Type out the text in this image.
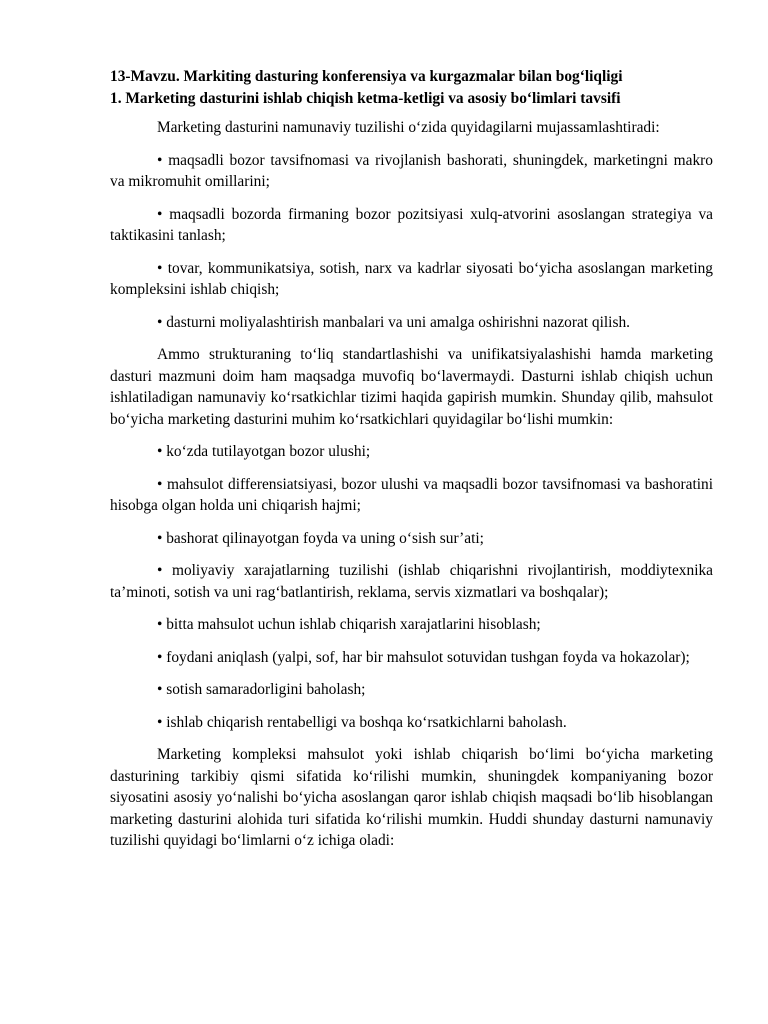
13-Mavzu. Markiting dasturing konferensiya va kurgazmalar bilan bog‘liqligi

1. Marketing dasturini ishlab chiqish ketma-ketligi va asosiy bo‘limlari tavsifi

Marketing dasturini namunaviy tuzilishi o‘zida quyidagilarni mujassamlashtiradi:

• maqsadli bozor tavsifnomasi va rivojlanish bashorati, shuningdek, marketingni makro va mikromuhit omillarini;

• maqsadli bozorda firmaning bozor pozitsiyasi xulq-atvorini asoslangan strategiya va taktikasini tanlash;

• tovar, kommunikatsiya, sotish, narx va kadrlar siyosati bo‘yicha asoslangan marketing kompleksini ishlab chiqish;

• dasturni moliyalashtirish manbalari va uni amalga oshirishni nazorat qilish.

Ammo strukturaning to‘liq standartlashishi va unifikatsiyalashishi hamda marketing dasturi mazmuni doim ham maqsadga muvofiq bo‘lavermaydi. Dasturni ishlab chiqish uchun ishlatiladigan namunaviy ko‘rsatkichlar tizimi haqida gapirish mumkin. Shunday qilib, mahsulot bo‘yicha marketing dasturini muhim ko‘rsatkichlari quyidagilar bo‘lishi mumkin:

• ko‘zda tutilayotgan bozor ulushi;

• mahsulot differensiatsiyasi, bozor ulushi va maqsadli bozor tavsifnomasi va bashoratini hisobga olgan holda uni chiqarish hajmi;

• bashorat qilinayotgan foyda va uning o‘sish sur’ati;

• moliyaviy xarajatlarning tuzilishi (ishlab chiqarishni rivojlantirish, moddiytexnika ta’minoti, sotish va uni rag‘batlantirish, reklama, servis xizmatlari va boshqalar);

• bitta mahsulot uchun ishlab chiqarish xarajatlarini hisoblash;

• foydani aniqlash (yalpi, sof, har bir mahsulot sotuvidan tushgan foyda va hokazolar);

• sotish samaradorligini baholash;

• ishlab chiqarish rentabelligi va boshqa ko‘rsatkichlarni baholash.

Marketing kompleksi mahsulot yoki ishlab chiqarish bo‘limi bo‘yicha marketing dasturining tarkibiy qismi sifatida ko‘rilishi mumkin, shuningdek kompaniyaning bozor siyosatini asosiy yo‘nalishi bo‘yicha asoslangan qaror ishlab chiqish maqsadi bo‘lib hisoblangan marketing dasturini alohida turi sifatida ko‘rilishi mumkin. Huddi shunday dasturni namunaviy tuzilishi quyidagi bo‘limlarni o‘z ichiga oladi:
